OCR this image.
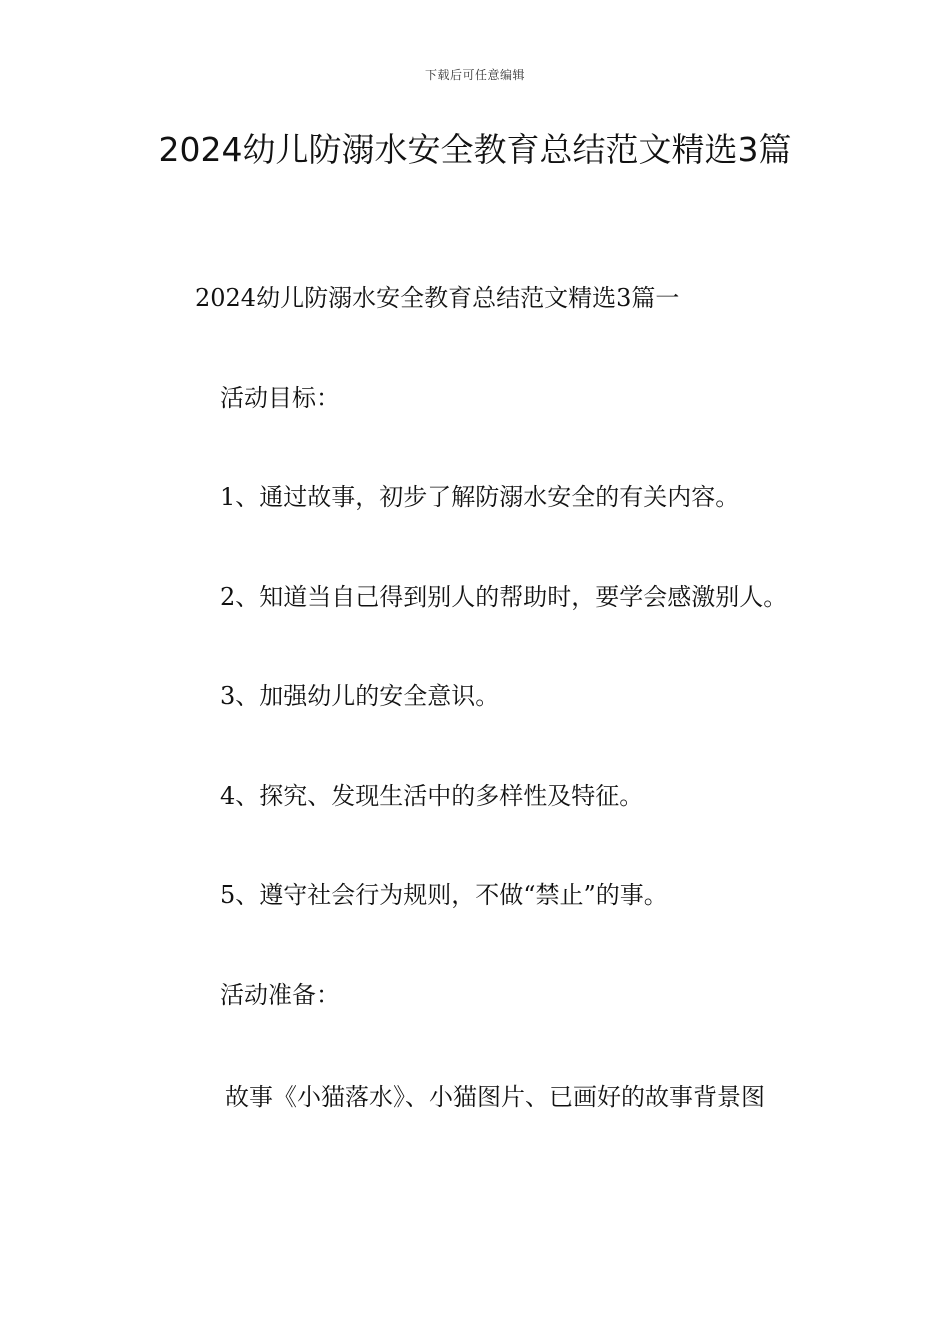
下载后可任意编辑
2024幼儿防溺水安全教育总结范文精选3篇

2024幼儿防溺水安全教育总结范文精选3篇一

活动目标：

1、通过故事，初步了解防溺水安全的有关内容。

2、知道当自己得到别人的帮助时，要学会感激别人。

3、加强幼儿的安全意识。

4、探究、发现生活中的多样性及特征。

5、遵守社会行为规则，不做“禁止”的事。

活动准备：

故事《小猫落水》、小猫图片、已画好的故事背景图
